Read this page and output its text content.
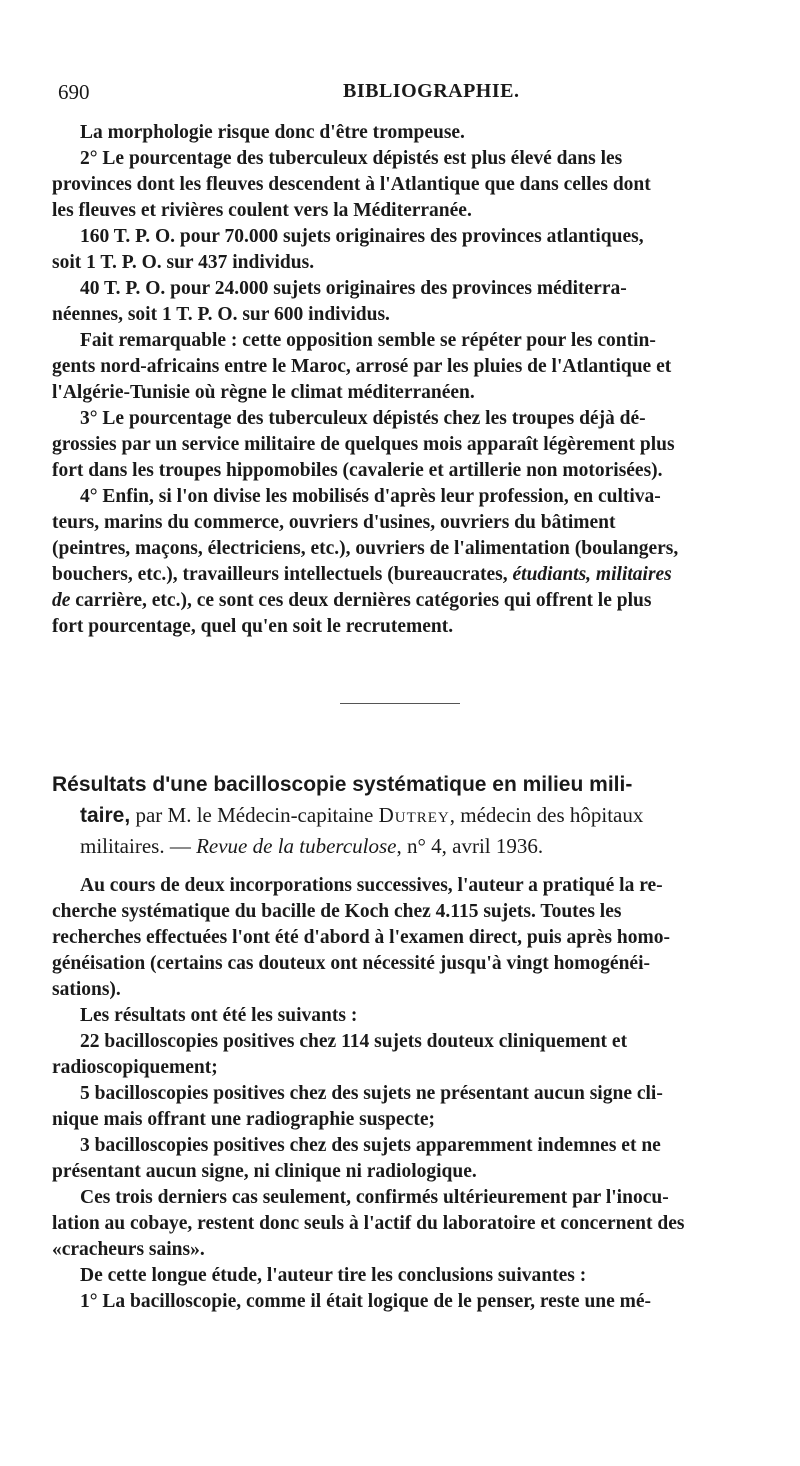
690	BIBLIOGRAPHIE.
La morphologie risque donc d'être trompeuse.
2° Le pourcentage des tuberculeux dépistés est plus élevé dans les
provinces dont les fleuves descendent à l'Atlantique que dans celles dont
les fleuves et rivières coulent vers la Méditerranée.
160 T. P. O. pour 70.000 sujets originaires des provinces atlantiques,
soit 1 T. P. O. sur 437 individus.
40 T. P. O. pour 24.000 sujets originaires des provinces méditerra-
néennes, soit 1 T. P. O. sur 600 individus.
Fait remarquable : cette opposition semble se répéter pour les contin-
gents nord-africains entre le Maroc, arrosé par les pluies de l'Atlantique et
l'Algérie-Tunisie où règne le climat méditerranéen.
3° Le pourcentage des tuberculeux dépistés chez les troupes déjà dé-
grossies par un service militaire de quelques mois apparaît légèrement plus
fort dans les troupes hippomobiles (cavalerie et artillerie non motorisées).
4° Enfin, si l'on divise les mobilisés d'après leur profession, en cultiva-
teurs, marins du commerce, ouvriers d'usines, ouvriers du bâtiment
(peintres, maçons, électriciens, etc.), ouvriers de l'alimentation (boulangers,
bouchers, etc.), travailleurs intellectuels (bureaucrates, étudiants, militaires
de carrière, etc.), ce sont ces deux dernières catégories qui offrent le plus
fort pourcentage, quel qu'en soit le recrutement.
Résultats d'une bacilloscopie systématique en milieu mili-
taire, par M. le Médecin-capitaine Dutrey, médecin des hôpitaux
militaires. — Revue de la tuberculose, n° 4, avril 1936.
Au cours de deux incorporations successives, l'auteur a pratiqué la re-
cherche systématique du bacille de Koch chez 4.115 sujets. Toutes les
recherches effectuées l'ont été d'abord à l'examen direct, puis après homo-
généisation (certains cas douteux ont nécessité jusqu'à vingt homogénéi-
sations).
Les résultats ont été les suivants :
22 bacilloscopies positives chez 114 sujets douteux cliniquement et
radioscopiquement;
5 bacilloscopies positives chez des sujets ne présentant aucun signe cli-
nique mais offrant une radiographie suspecte;
3 bacilloscopies positives chez des sujets apparemment indemnes et ne
présentant aucun signe, ni clinique ni radiologique.
Ces trois derniers cas seulement, confirmés ultérieurement par l'inocu-
lation au cobaye, restent donc seuls à l'actif du laboratoire et concernent des
«cracheurs sains».
De cette longue étude, l'auteur tire les conclusions suivantes :
1° La bacilloscopie, comme il était logique de le penser, reste une mé-
